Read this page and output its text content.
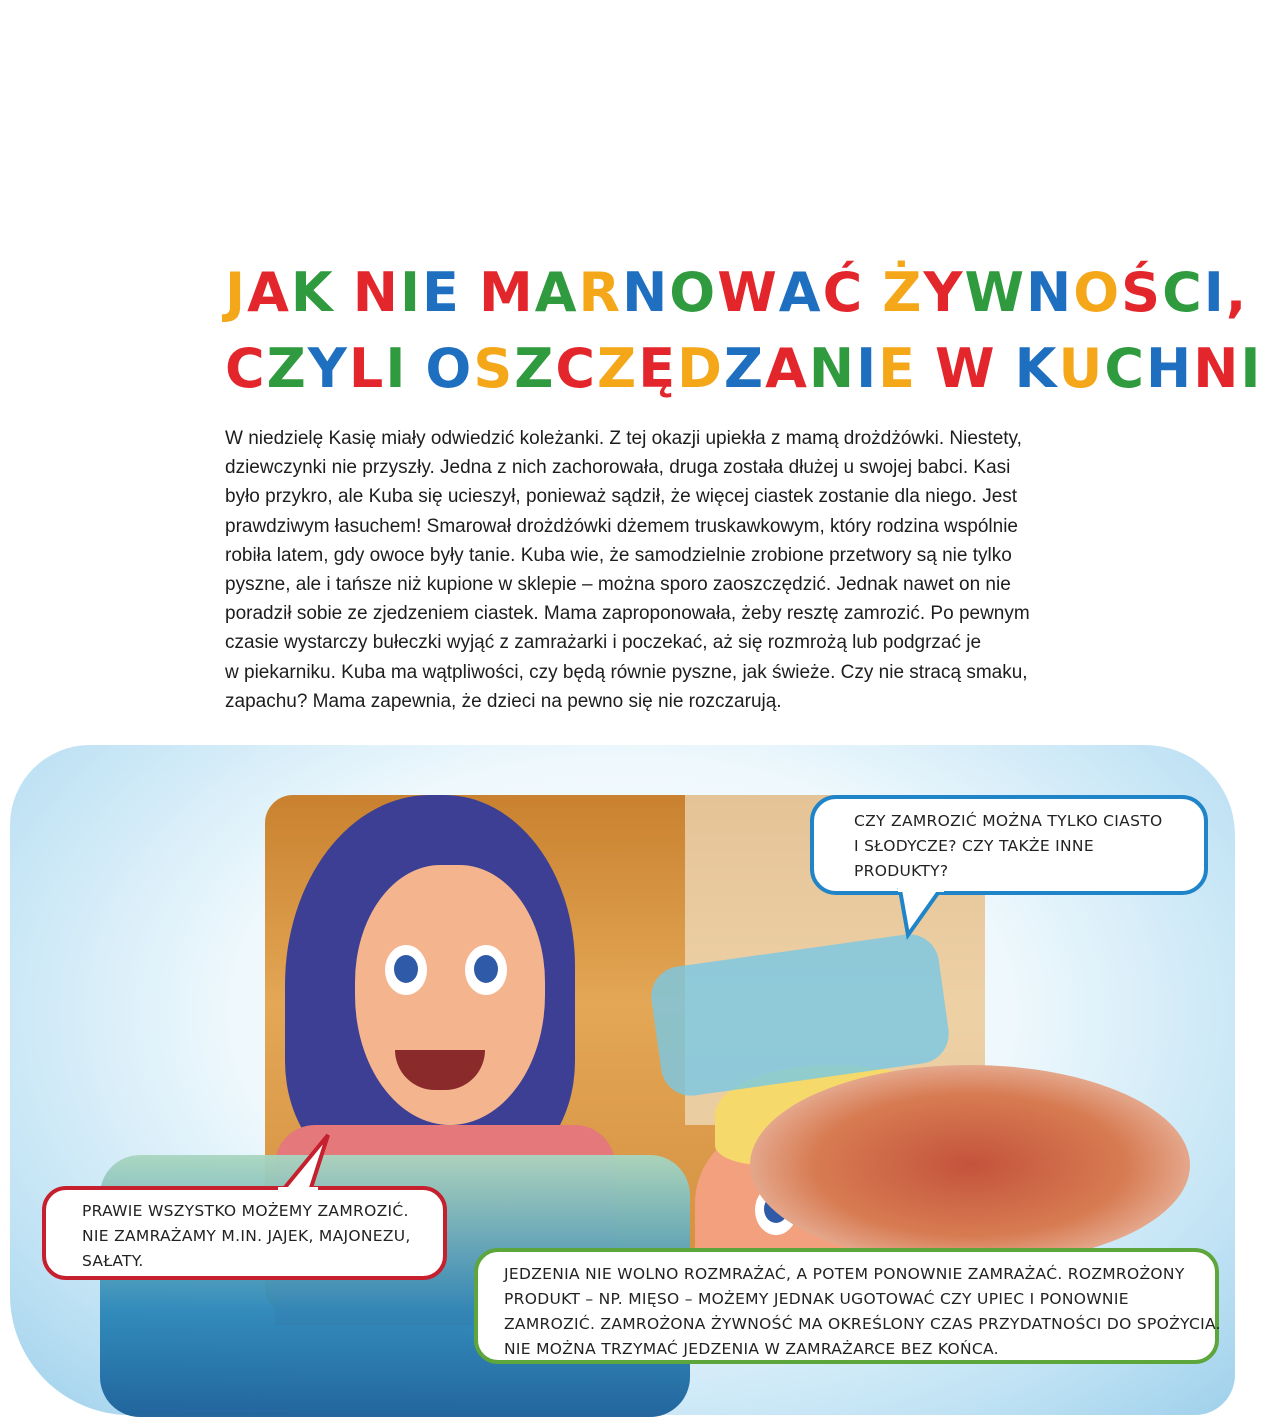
JAK NIE MARNOWAĆ ŻYWNOŚCI,
CZYLI OSZCZĘDZANIE W KUCHNI
W niedzielę Kasię miały odwiedzić koleżanki. Z tej okazji upiekła z mamą drożdżówki. Niestety,
dziewczynki nie przyszły. Jedna z nich zachorowała, druga została dłużej u swojej babci. Kasi
było przykro, ale Kuba się ucieszył, ponieważ sądził, że więcej ciastek zostanie dla niego. Jest
prawdziwym łasuchem! Smarował drożdżówki dżemem truskawkowym, który rodzina wspólnie
robiła latem, gdy owoce były tanie. Kuba wie, że samodzielnie zrobione przetwory są nie tylko
pyszne, ale i tańsze niż kupione w sklepie – można sporo zaoszczędzić. Jednak nawet on nie
poradził sobie ze zjedzeniem ciastek. Mama zaproponowała, żeby resztę zamrozić. Po pewnym
czasie wystarczy bułeczki wyjąć z zamrażarki i poczekać, aż się rozmrożą lub podgrzać je
w piekarniku. Kuba ma wątpliwości, czy będą równie pyszne, jak świeże. Czy nie stracą smaku,
zapachu? Mama zapewnia, że dzieci na pewno się nie rozczarują.

CZY ZAMROZIĆ MOŻNA TYLKO CIASTO
I SŁODYCZE? CZY TAKŻE INNE
PRODUKTY?

PRAWIE WSZYSTKO MOŻEMY ZAMROZIĆ.
NIE ZAMRAŻAMY M.IN. JAJEK, MAJONEZU,
SAŁATY.

JEDZENIA NIE WOLNO ROZMRAŻAĆ, A POTEM PONOWNIE ZAMRAŻAĆ. ROZMROŻONY
PRODUKT – NP. MIĘSO – MOŻEMY JEDNAK UGOTOWAĆ CZY UPIEC I PONOWNIE
ZAMROZIĆ. ZAMROŻONA ŻYWNOŚĆ MA OKREŚLONY CZAS PRZYDATNOŚCI DO SPOŻYCIA.
NIE MOŻNA TRZYMAĆ JEDZENIA W ZAMRAŻARCE BEZ KOŃCA.
